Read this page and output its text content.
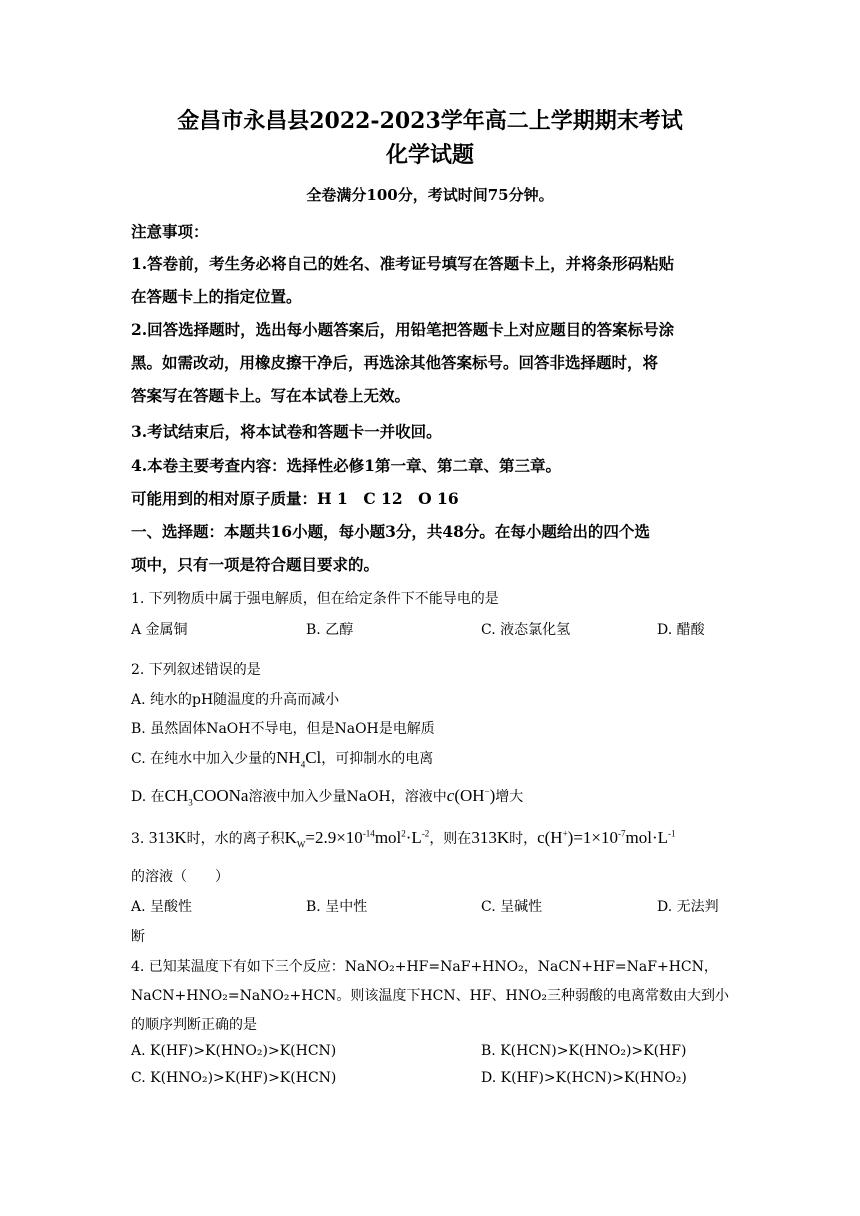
金昌市永昌县2022-2023学年高二上学期期末考试
化学试题
全卷满分100分，考试时间75分钟。
注意事项：
1.答卷前，考生务必将自己的姓名、准考证号填写在答题卡上，并将条形码粘贴
在答题卡上的指定位置。
2.回答选择题时，选出每小题答案后，用铅笔把答题卡上对应题目的答案标号涂
黑。如需改动，用橡皮擦干净后，再选涂其他答案标号。回答非选择题时，将
答案写在答题卡上。写在本试卷上无效。
3.考试结束后，将本试卷和答题卡一并收回。
4.本卷主要考查内容：选择性必修1第一章、第二章、第三章。
可能用到的相对原子质量：H 1　C 12　O 16
一、选择题：本题共16小题，每小题3分，共48分。在每小题给出的四个选
项中，只有一项是符合题目要求的。
1. 下列物质中属于强电解质，但在给定条件下不能导电的是
A 金属铜	B. 乙醇	C. 液态氯化氢	D. 醋酸
2. 下列叙述错误的是
A. 纯水的pH随温度的升高而减小
B. 虽然固体NaOH不导电，但是NaOH是电解质
C. 在纯水中加入少量的$NH_4Cl$，可抑制水的电离
D. 在$CH_3COONa$溶液中加入少量NaOH，溶液中c(OH−)增大
3. 313K时，水的离子积$K_W=2.9\times 10^{-14}mol^2\cdot L^{-2}$，则在313K时，$c(H^+)=1\times 10^{-7}mol\cdot L^{-1}$
的溶液（　　）
A. 呈酸性	B. 呈中性	C. 呈碱性	D. 无法判
断
4. 已知某温度下有如下三个反应：NaNO₂+HF=NaF+HNO₂，NaCN+HF=NaF+HCN，
NaCN+HNO₂=NaNO₂+HCN。则该温度下HCN、HF、HNO₂三种弱酸的电离常数由大到小
的顺序判断正确的是
A. K(HF)>K(HNO₂)>K(HCN)	B. K(HCN)>K(HNO₂)>K(HF)
C. K(HNO₂)>K(HF)>K(HCN)	D. K(HF)>K(HCN)>K(HNO₂)
